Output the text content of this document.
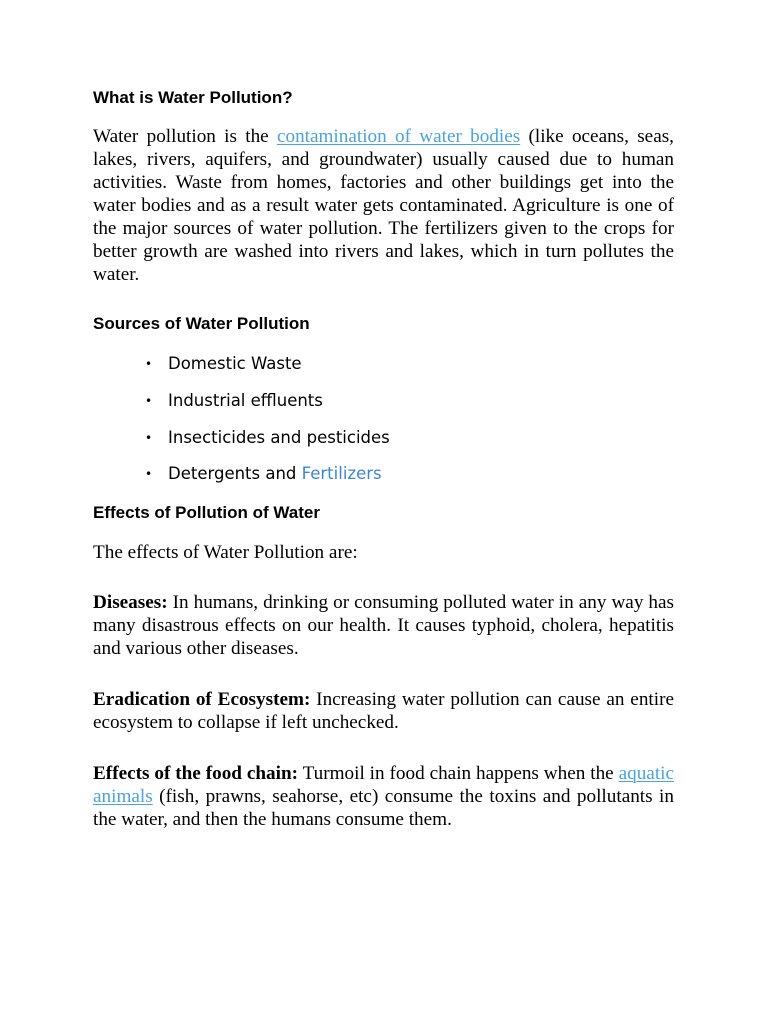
What is Water Pollution?

Water pollution is the contamination of water bodies (like oceans, seas, lakes, rivers, aquifers, and groundwater) usually caused due to human activities. Waste from homes, factories and other buildings get into the water bodies and as a result water gets contaminated. Agriculture is one of the major sources of water pollution. The fertilizers given to the crops for better growth are washed into rivers and lakes, which in turn pollutes the water.

Sources of Water Pollution
• Domestic Waste
• Industrial effluents
• Insecticides and pesticides
• Detergents and Fertilizers
Effects of Pollution of Water

The effects of Water Pollution are:

Diseases: In humans, drinking or consuming polluted water in any way has many disastrous effects on our health. It causes typhoid, cholera, hepatitis and various other diseases.

Eradication of Ecosystem: Increasing water pollution can cause an entire ecosystem to collapse if left unchecked.

Effects of the food chain: Turmoil in food chain happens when the aquatic animals (fish, prawns, seahorse, etc) consume the toxins and pollutants in the water, and then the humans consume them.
